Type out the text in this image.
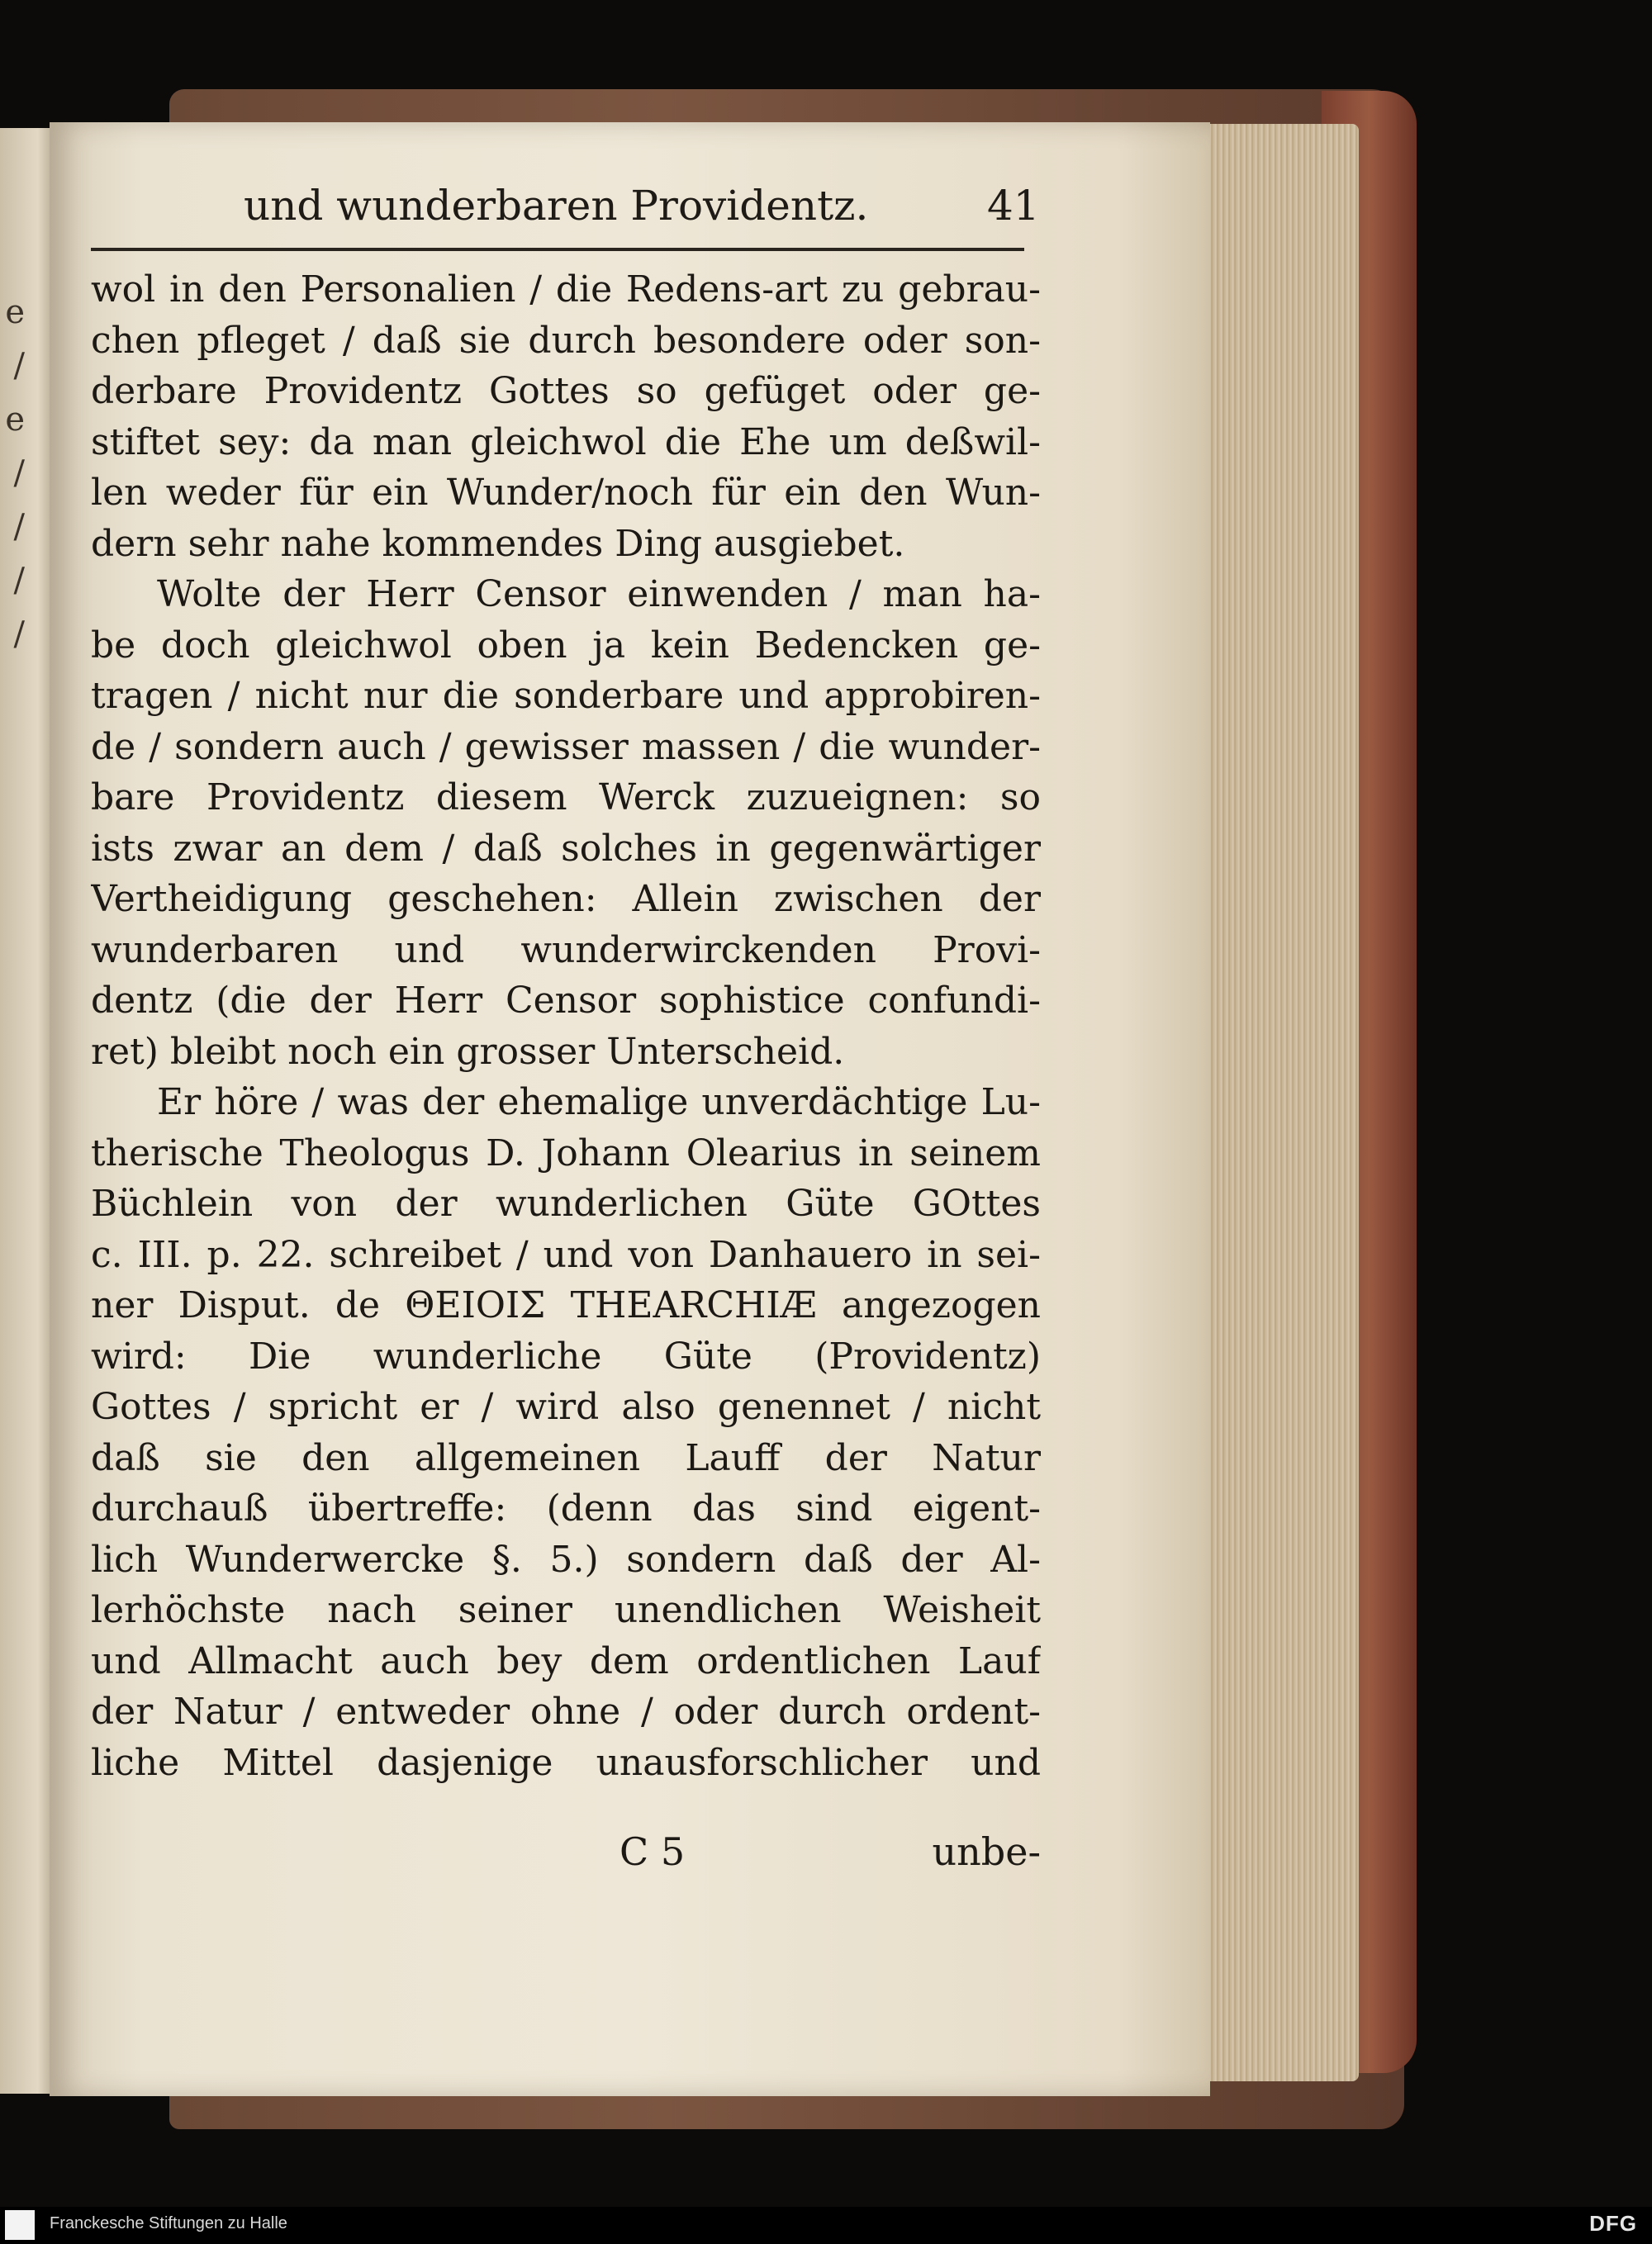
e
/
e
/
/
/
/
und wunderbaren Providentz.	41
wol in den Personalien / die Redens-art zu gebrau-
chen pfleget / daß sie durch besondere oder son-
derbare Providentz Gottes so gefüget oder ge-
stiftet sey: da man gleichwol die Ehe um deßwil-
len weder für ein Wunder/noch für ein den Wun-
dern sehr nahe kommendes Ding ausgiebet.
Wolte der Herr Censor einwenden / man ha-
be doch gleichwol oben ja kein Bedencken ge-
tragen / nicht nur die sonderbare und approbiren-
de / sondern auch / gewisser massen / die wunder-
bare Providentz diesem Werck zuzueignen: so
ists zwar an dem / daß solches in gegenwärtiger
Vertheidigung geschehen: Allein zwischen der
wunderbaren und wunderwirckenden Provi-
dentz (die der Herr Censor sophistice confundi-
ret) bleibt noch ein grosser Unterscheid.
Er höre / was der ehemalige unverdächtige Lu-
therische Theologus D. Johann Olearius in seinem
Büchlein von der wunderlichen Güte GOttes
c. III. p. 22. schreibet / und von Danhauero in sei-
ner Disput. de ΘΕΙΟΙΣ THEARCHIÆ angezogen
wird: Die wunderliche Güte (Providentz)
Gottes / spricht er / wird also genennet / nicht
daß sie den allgemeinen Lauff der Natur
durchauß übertreffe: (denn das sind eigent-
lich Wunderwercke §. 5.) sondern daß der Al-
lerhöchste nach seiner unendlichen Weisheit
und Allmacht auch bey dem ordentlichen Lauf
der Natur / entweder ohne / oder durch ordent-
liche Mittel dasjenige unausforschlicher und
C 5	unbe-
Franckesche Stiftungen zu Halle	DFG
